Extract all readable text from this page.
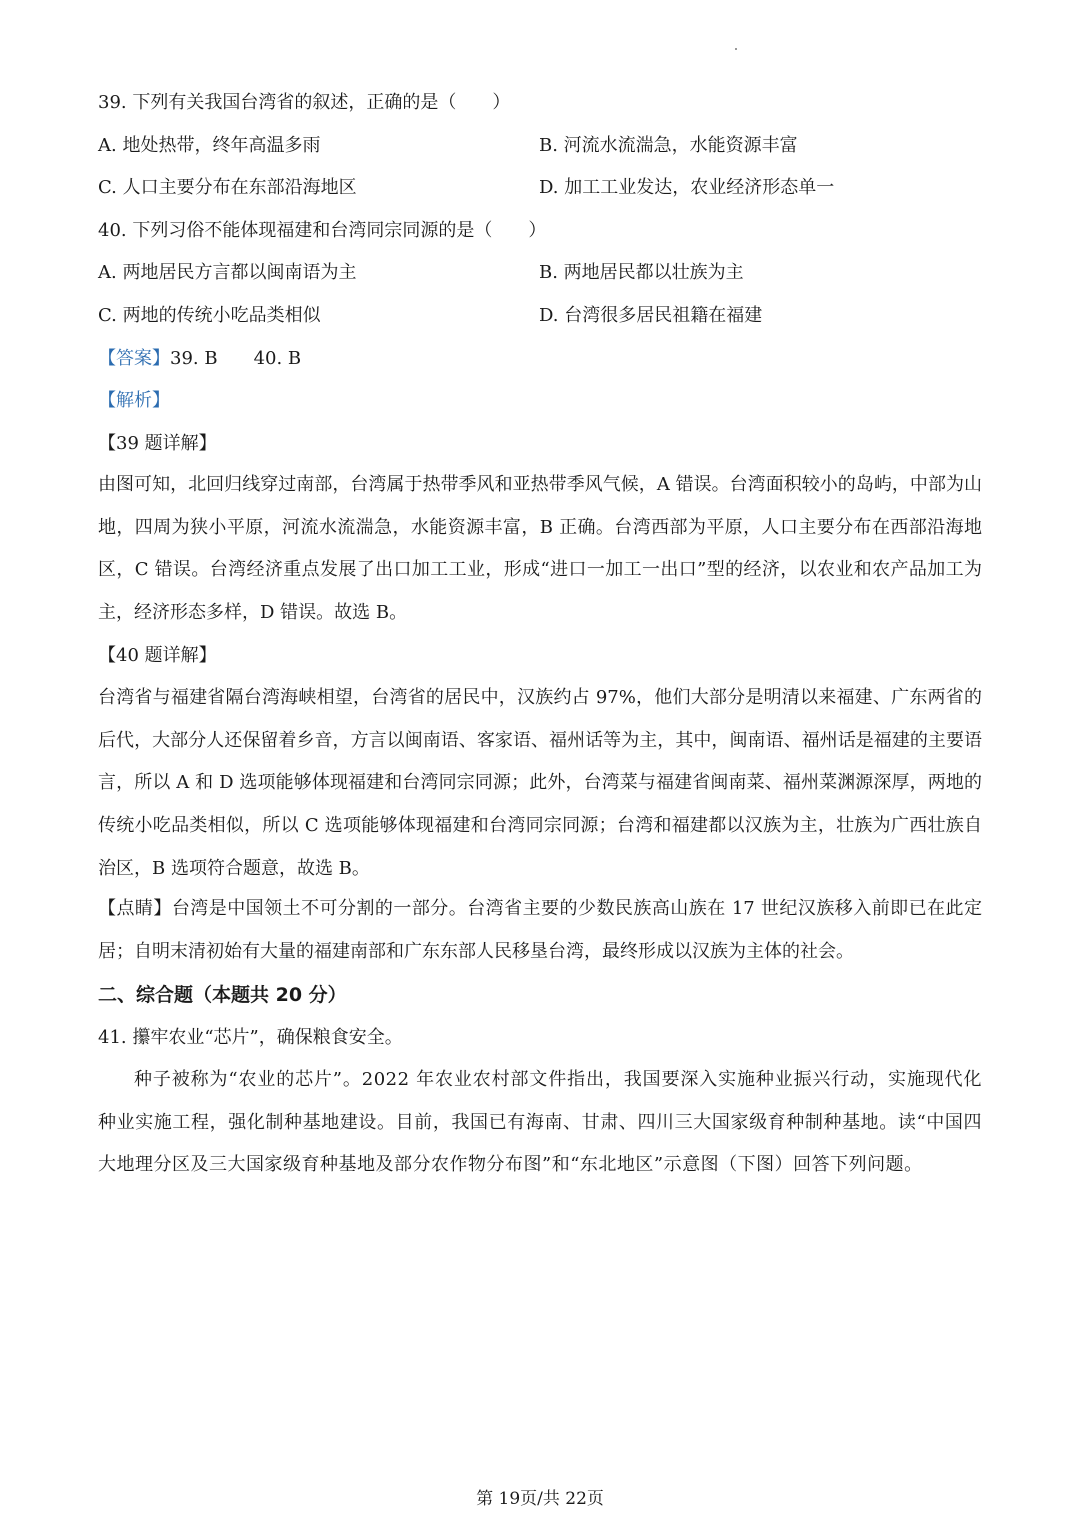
39. 下列有关我国台湾省的叙述，正确的是（　　）
A. 地处热带，终年高温多雨	B. 河流水流湍急，水能资源丰富
C. 人口主要分布在东部沿海地区	D. 加工工业发达，农业经济形态单一
40. 下列习俗不能体现福建和台湾同宗同源的是（　　）
A. 两地居民方言都以闽南语为主	B. 两地居民都以壮族为主
C. 两地的传统小吃品类相似	D. 台湾很多居民祖籍在福建
【答案】39. B　　40. B
【解析】
【39 题详解】
由图可知，北回归线穿过南部，台湾属于热带季风和亚热带季风气候，A 错误。台湾面积较小的岛屿，中部为山地，四周为狭小平原，河流水流湍急，水能资源丰富，B 正确。台湾西部为平原，人口主要分布在西部沿海地区，C 错误。台湾经济重点发展了出口加工工业，形成“进口一加工一出口”型的经济，以农业和农产品加工为主，经济形态多样，D 错误。故选 B。
【40 题详解】
台湾省与福建省隔台湾海峡相望，台湾省的居民中，汉族约占 97%，他们大部分是明清以来福建、广东两省的后代，大部分人还保留着乡音，方言以闽南语、客家语、福州话等为主，其中，闽南语、福州话是福建的主要语言，所以 A 和 D 选项能够体现福建和台湾同宗同源；此外，台湾菜与福建省闽南菜、福州菜渊源深厚，两地的传统小吃品类相似，所以 C 选项能够体现福建和台湾同宗同源；台湾和福建都以汉族为主，壮族为广西壮族自治区，B 选项符合题意，故选 B。
【点睛】台湾是中国领土不可分割的一部分。台湾省主要的少数民族高山族在 17 世纪汉族移入前即已在此定居；自明末清初始有大量的福建南部和广东东部人民移垦台湾，最终形成以汉族为主体的社会。
二、综合题（本题共 20 分）
41. 攥牢农业“芯片”，确保粮食安全。
种子被称为“农业的芯片”。2022 年农业农村部文件指出，我国要深入实施种业振兴行动，实施现代化种业实施工程，强化制种基地建设。目前，我国已有海南、甘肃、四川三大国家级育种制种基地。读“中国四大地理分区及三大国家级育种基地及部分农作物分布图”和“东北地区”示意图（下图）回答下列问题。
第 19页/共 22页
